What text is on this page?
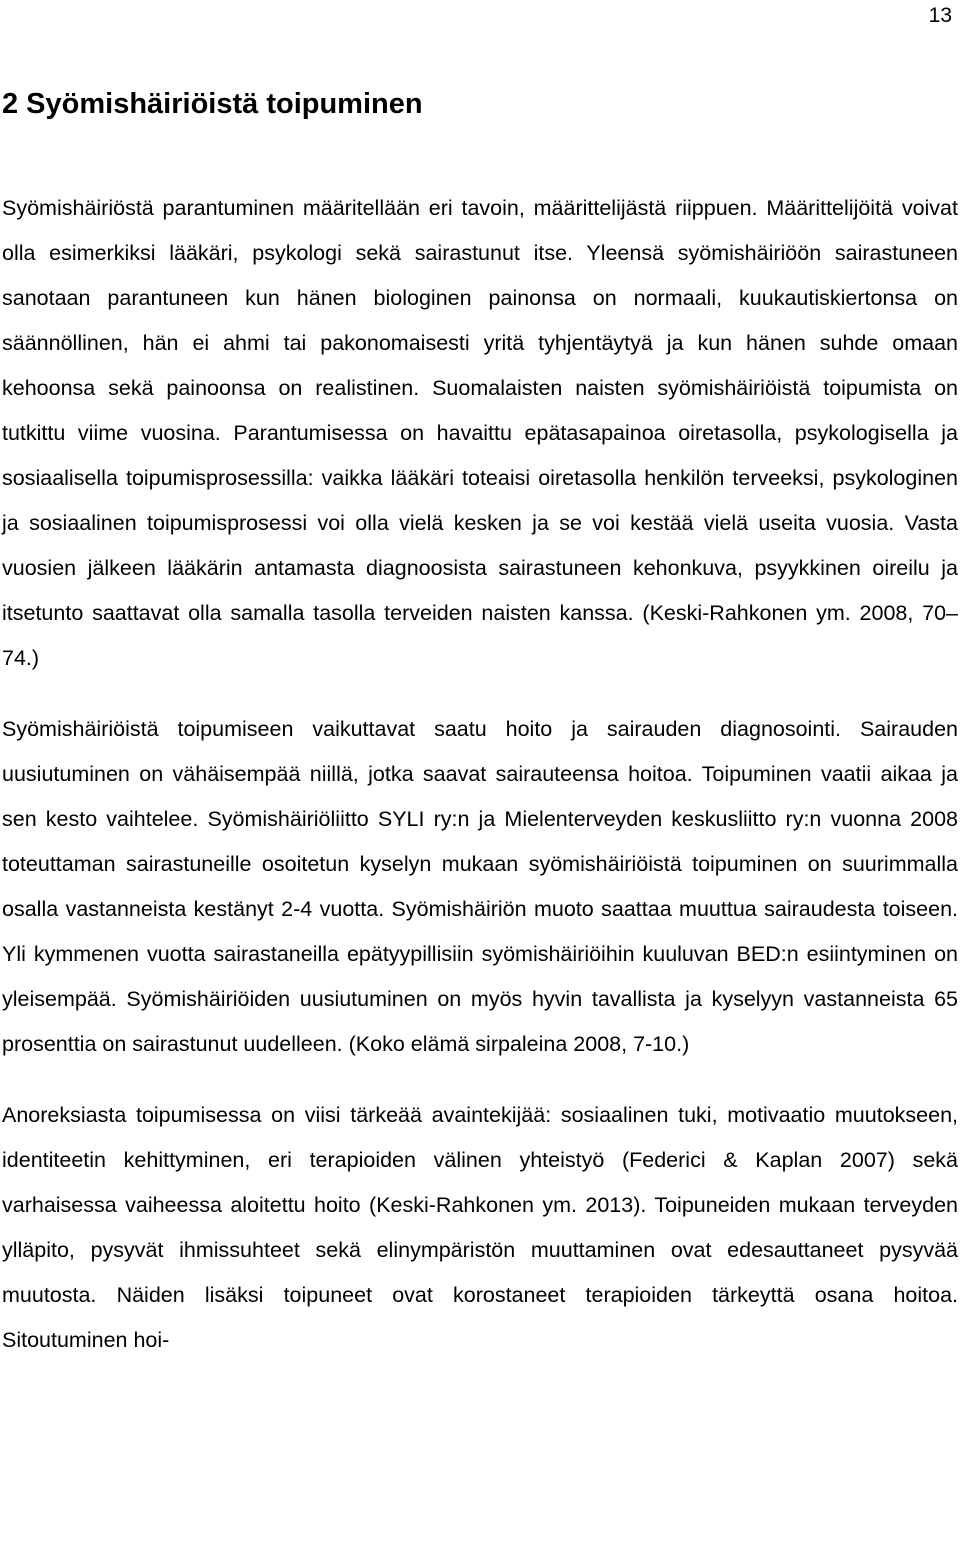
13
2 Syömishäiriöistä toipuminen

Syömishäiriöstä parantuminen määritellään eri tavoin, määrittelijästä riippuen. Määrittelijöitä voivat olla esimerkiksi lääkäri, psykologi sekä sairastunut itse. Yleensä syömishäiriöön sairastuneen sanotaan parantuneen kun hänen biologinen painonsa on normaali, kuukautiskiertonsa on säännöllinen, hän ei ahmi tai pakonomaisesti yritä tyhjentäytyä ja kun hänen suhde omaan kehoonsa sekä painoonsa on realistinen. Suomalaisten naisten syömishäiriöistä toipumista on tutkittu viime vuosina. Parantumisessa on havaittu epätasapainoa oiretasolla, psykologisella ja sosiaalisella toipumisprosessilla: vaikka lääkäri toteaisi oiretasolla henkilön terveeksi, psykologinen ja sosiaalinen toipumisprosessi voi olla vielä kesken ja se voi kestää vielä useita vuosia. Vasta vuosien jälkeen lääkärin antamasta diagnoosista sairastuneen kehonkuva, psyykkinen oireilu ja itsetunto saattavat olla samalla tasolla terveiden naisten kanssa. (Keski-Rahkonen ym. 2008, 70–74.)

Syömishäiriöistä toipumiseen vaikuttavat saatu hoito ja sairauden diagnosointi. Sairauden uusiutuminen on vähäisempää niillä, jotka saavat sairauteensa hoitoa. Toipuminen vaatii aikaa ja sen kesto vaihtelee. Syömishäiriöliitto SYLI ry:n ja Mielenterveyden keskusliitto ry:n vuonna 2008 toteuttaman sairastuneille osoitetun kyselyn mukaan syömishäiriöistä toipuminen on suurimmalla osalla vastanneista kestänyt 2-4 vuotta. Syömishäiriön muoto saattaa muuttua sairaudesta toiseen. Yli kymmenen vuotta sairastaneilla epätyypillisiin syömishäiriöihin kuuluvan BED:n esiintyminen on yleisempää. Syömishäiriöiden uusiutuminen on myös hyvin tavallista ja kyselyyn vastanneista 65 prosenttia on sairastunut uudelleen. (Koko elämä sirpaleina 2008, 7-10.)

Anoreksiasta toipumisessa on viisi tärkeää avaintekijää: sosiaalinen tuki, motivaatio muutokseen, identiteetin kehittyminen, eri terapioiden välinen yhteistyö (Federici & Kaplan 2007) sekä varhaisessa vaiheessa aloitettu hoito (Keski-Rahkonen ym. 2013). Toipuneiden mukaan terveyden ylläpito, pysyvät ihmissuhteet sekä elinympäristön muuttaminen ovat edesauttaneet pysyvää muutosta. Näiden lisäksi toipuneet ovat korostaneet terapioiden tärkeyttä osana hoitoa. Sitoutuminen hoi-
